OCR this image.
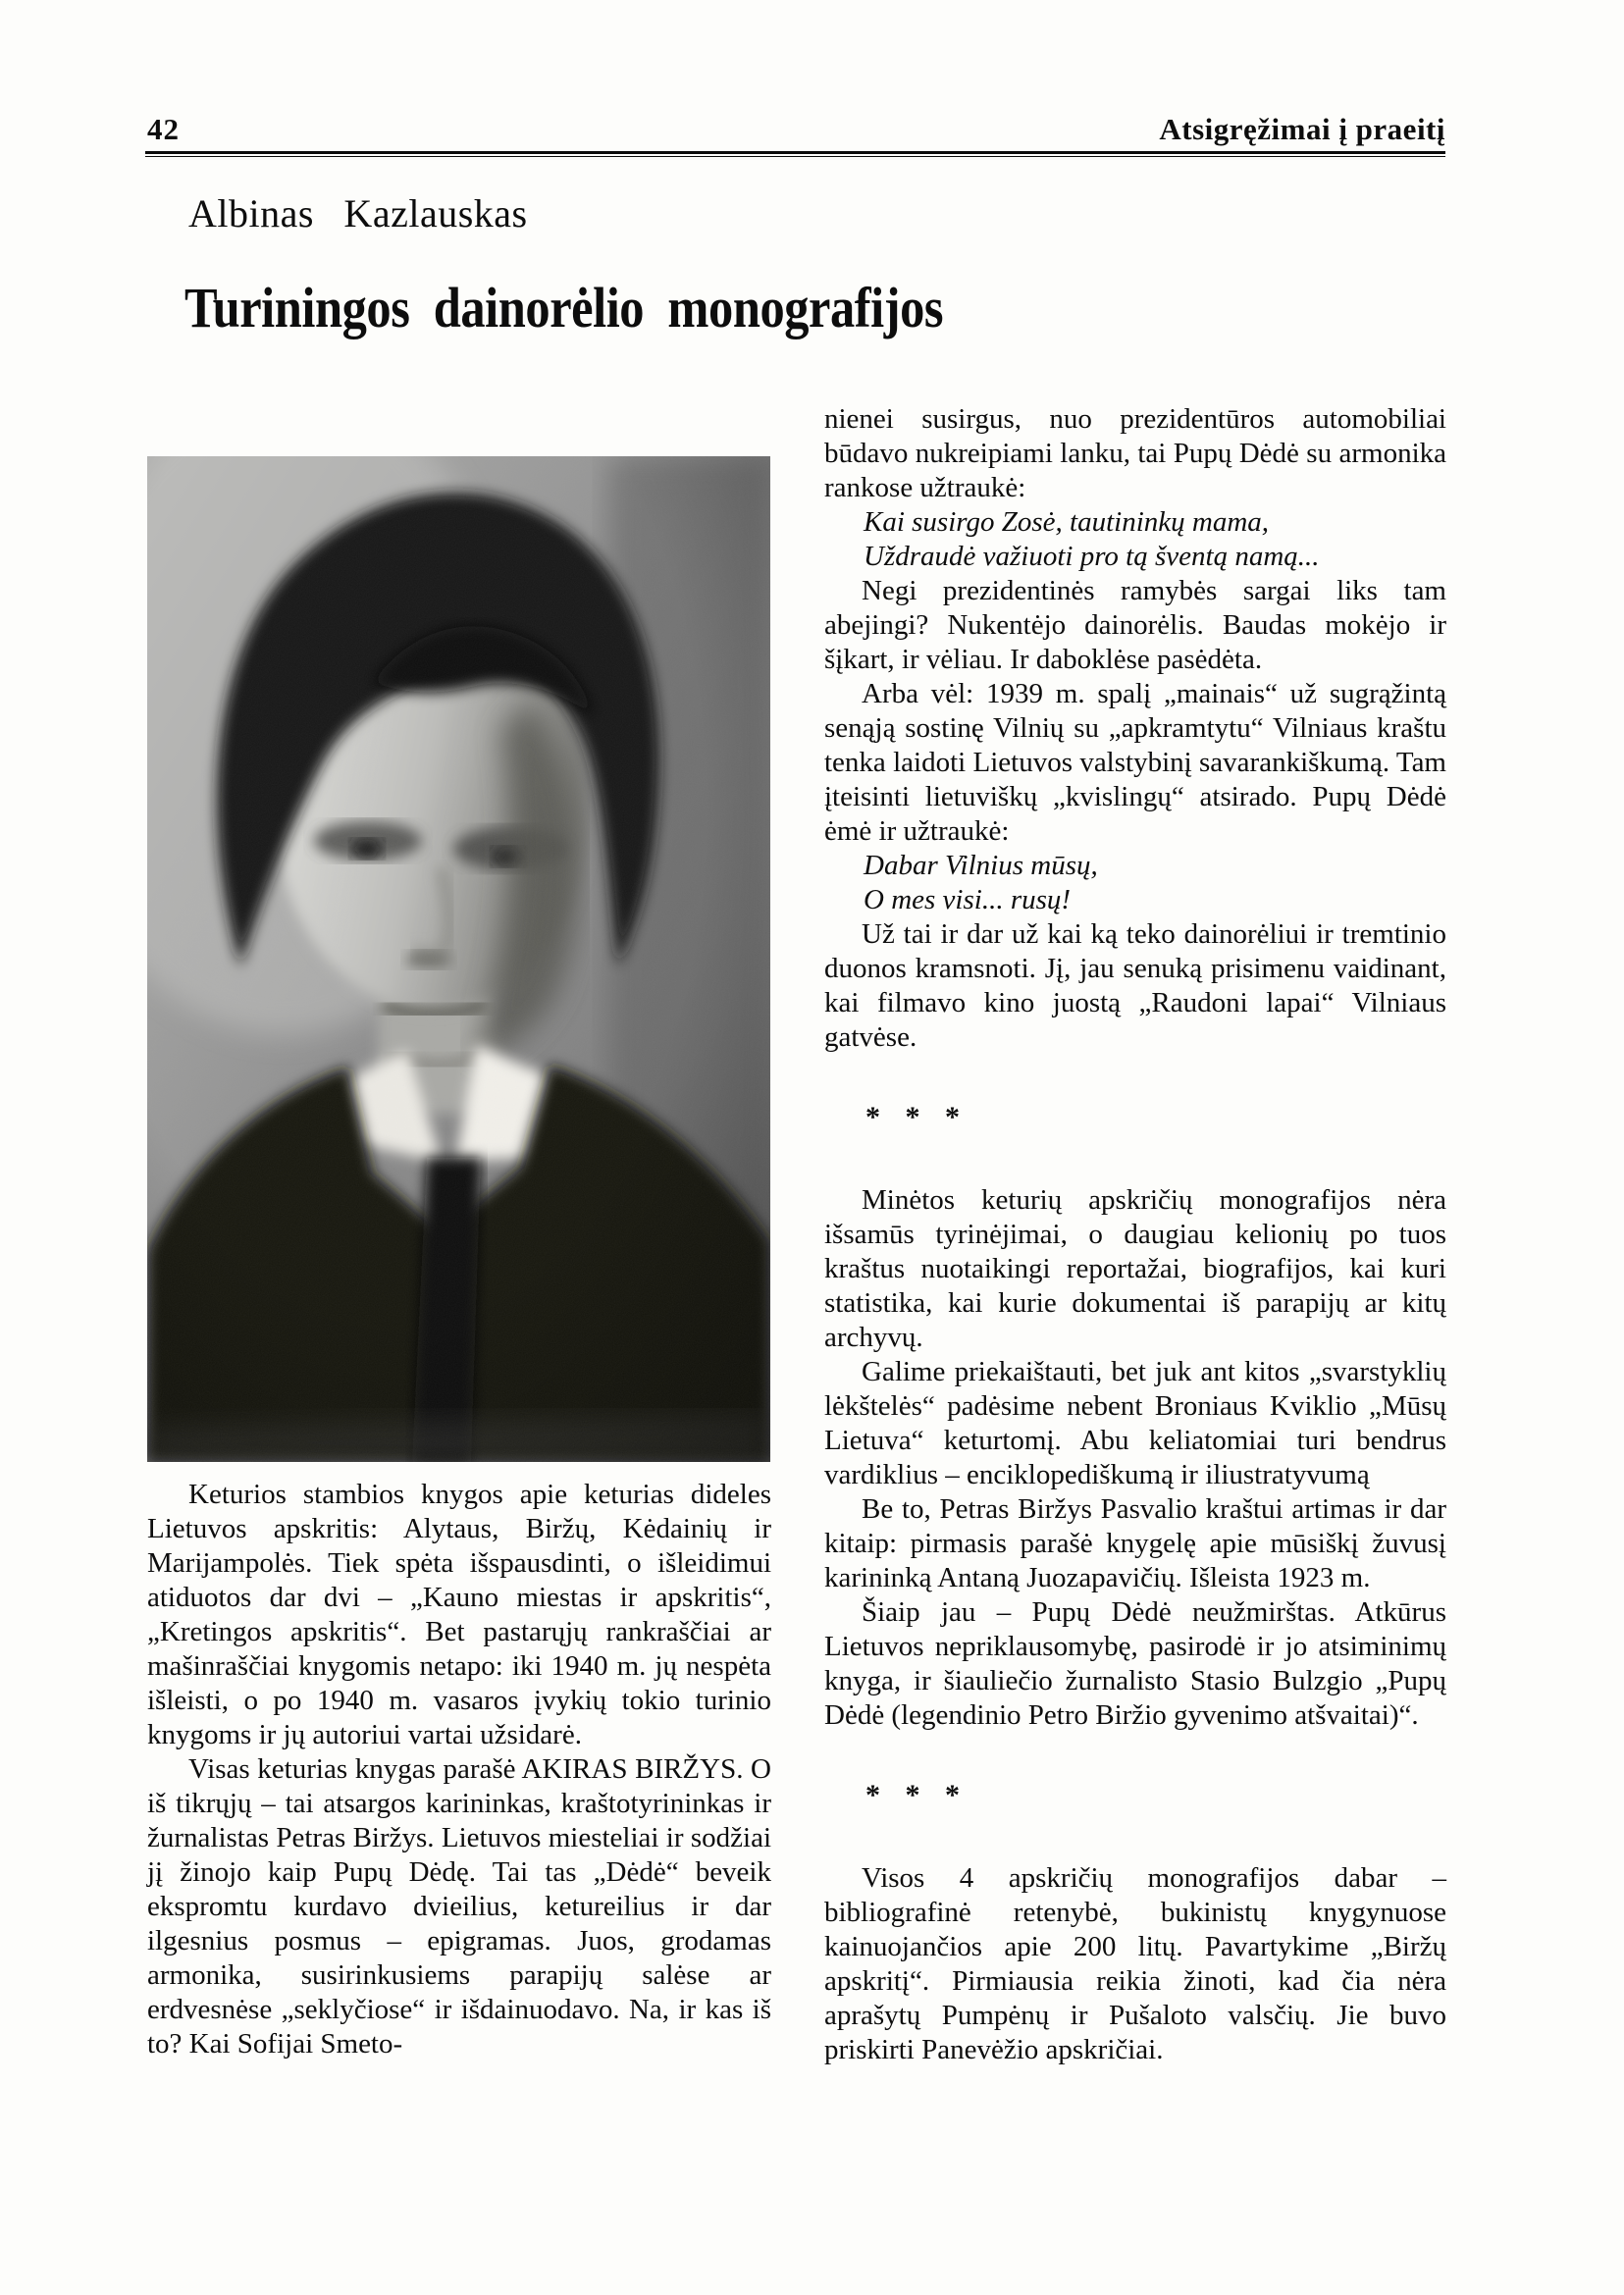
42	Atsigręžimai į praeitį
Albinas Kazlauskas
Turiningos dainorėlio monografijos

Keturios stambios knygos apie keturias dideles Lietuvos apskritis: Alytaus, Biržų, Kėdainių ir Marijampolės. Tiek spėta išspausdinti, o išleidimui atiduotos dar dvi – „Kauno miestas ir apskritis“, „Kretingos apskritis“. Bet pastarųjų rankraščiai ar mašinraščiai knygomis netapo: iki 1940 m. jų nespėta išleisti, o po 1940 m. vasaros įvykių tokio turinio knygoms ir jų autoriui vartai užsidarė.

Visas keturias knygas parašė AKIRAS BIRŽYS. O iš tikrųjų – tai atsargos karininkas, kraštotyrininkas ir žurnalistas Petras Biržys. Lietuvos miesteliai ir sodžiai jį žinojo kaip Pupų Dėdę. Tai tas „Dėdė“ beveik ekspromtu kurdavo dvieilius, ketureilius ir dar ilgesnius posmus – epigramas. Juos, grodamas armonika, susirinkusiems parapijų salėse ar erdvesnėse „seklyčiose“ ir išdainuodavo. Na, ir kas iš to? Kai Sofijai Smeto-

nienei susirgus, nuo prezidentūros automobiliai būdavo nukreipiami lanku, tai Pupų Dėdė su armonika rankose užtraukė:

Kai susirgo Zosė, tautininkų mama,
Uždraudė važiuoti pro tą šventą namą...

Negi prezidentinės ramybės sargai liks tam abejingi? Nukentėjo dainorėlis. Baudas mokėjo ir šįkart, ir vėliau. Ir daboklėse pasėdėta.

Arba vėl: 1939 m. spalį „mainais“ už sugrąžintą senąją sostinę Vilnių su „apkramtytu“ Vilniaus kraštu tenka laidoti Lietuvos valstybinį savarankiškumą. Tam įteisinti lietuviškų „kvislingų“ atsirado. Pupų Dėdė ėmė ir užtraukė:

Dabar Vilnius mūsų,
O mes visi... rusų!

Už tai ir dar už kai ką teko dainorėliui ir tremtinio duonos kramsnoti. Jį, jau senuką prisimenu vaidinant, kai filmavo kino juostą „Raudoni lapai“ Vilniaus gatvėse.

* * *

Minėtos keturių apskričių monografijos nėra išsamūs tyrinėjimai, o daugiau kelionių po tuos kraštus nuotaikingi reportažai, biografijos, kai kuri statistika, kai kurie dokumentai iš parapijų ar kitų archyvų.

Galime priekaištauti, bet juk ant kitos „svarstyklių lėkštelės“ padėsime nebent Broniaus Kviklio „Mūsų Lietuva“ keturtomį. Abu keliatomiai turi bendrus vardiklius – enciklopediškumą ir iliustratyvumą

Be to, Petras Biržys Pasvalio kraštui artimas ir dar kitaip: pirmasis parašė knygelę apie mūsiškį žuvusį karininką Antaną Juozapavičių. Išleista 1923 m.

Šiaip jau – Pupų Dėdė neužmirštas. Atkūrus Lietuvos nepriklausomybę, pasirodė ir jo atsiminimų knyga, ir šiauliečio žurnalisto Stasio Bulzgio „Pupų Dėdė (legendinio Petro Biržio gyvenimo atšvaitai)“.

* * *

Visos 4 apskričių monografijos dabar – bibliografinė retenybė, bukinistų knygynuose kainuojančios apie 200 litų. Pavartykime „Biržų apskritį“. Pirmiausia reikia žinoti, kad čia nėra aprašytų Pumpėnų ir Pušaloto valsčių. Jie buvo priskirti Panevėžio apskričiai.
